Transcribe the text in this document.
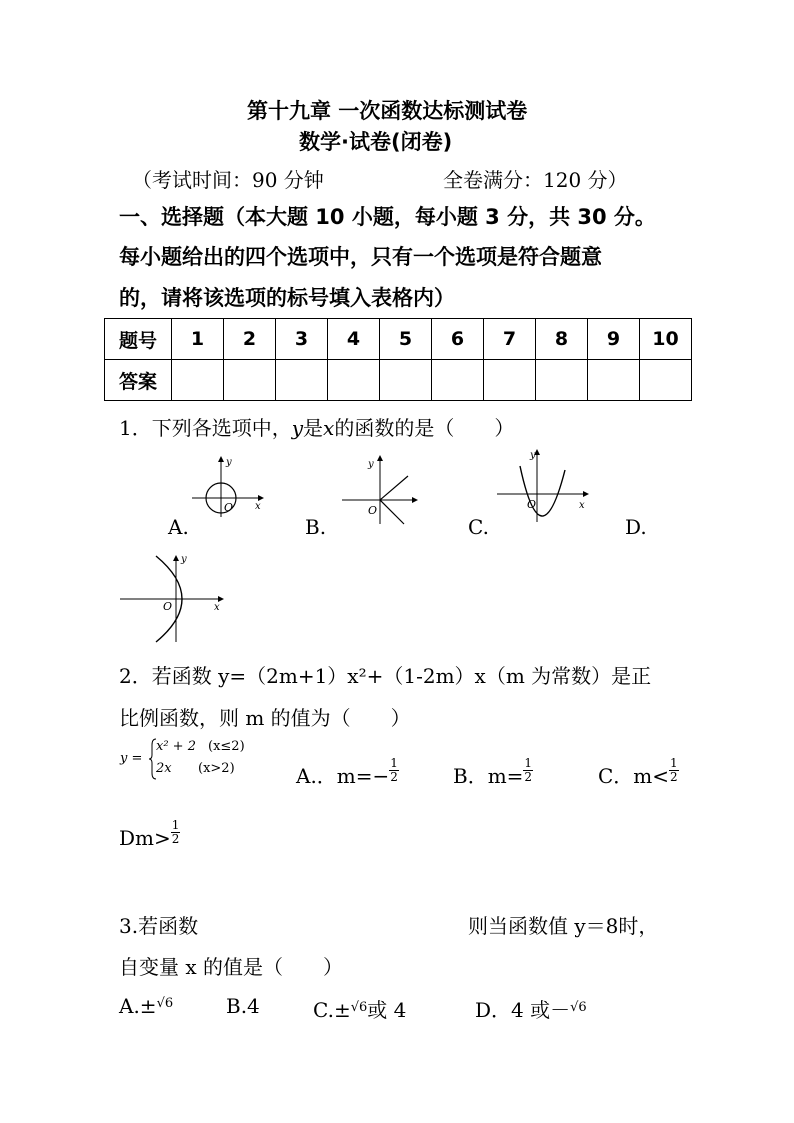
第十九章 一次函数达标测试卷
数学·试卷(闭卷)
（考试时间：90 分钟	全卷满分：120 分）
一、选择题（本大题 10 小题，每小题 3 分，共 30 分。
每小题给出的四个选项中，只有一个选项是符合题意
的，请将该选项的标号填入表格内）
题号	1	2	3	4	5	6	7	8	9	10
答案										
1．下列各选项中，y是x的函数的是（　　）
y
x
O
A.
y
O
B.
y
x
O
C.	D.
y
x
O
2．若函数 y=（2m+1）x²+（1-2m）x（m 为常数）是正
比例函数，则 m 的值为（　　）
y =
x² + 2 (x≤2)
2x (x>2)	A.．$m=- \frac{1}{2}$	B．$m= \frac{1}{2}$	C．$m< \frac{1}{2}$
$Dm> \frac{1}{2}$
3.若函数	则当函数值 y＝8时，
自变量 x 的值是（　　）
A.±$^{√6}$	B.4	C.±$^{√6}$或 4	D．4 或－$^{√6}$
